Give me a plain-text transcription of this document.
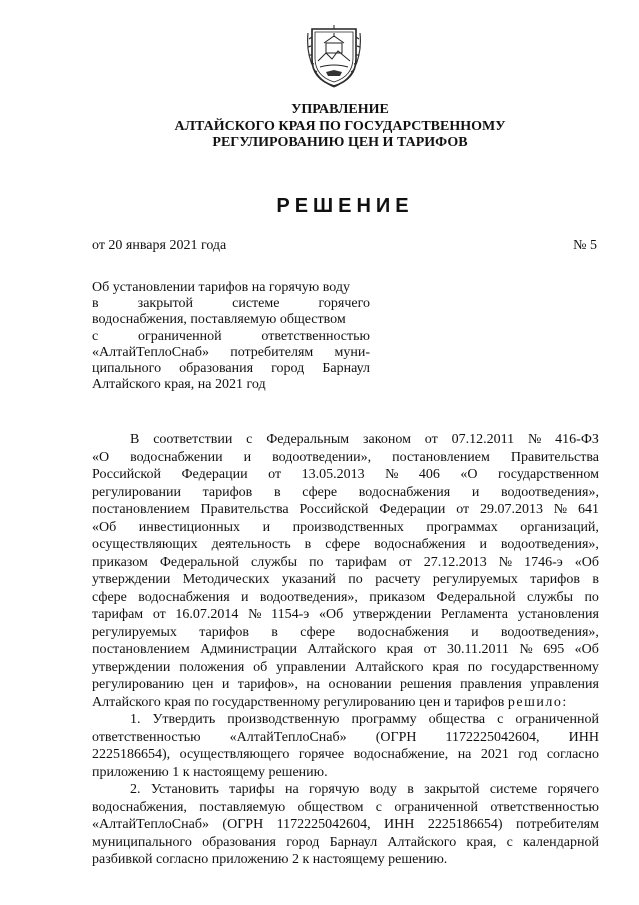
УПРАВЛЕНИЕ
АЛТАЙСКОГО КРАЯ ПО ГОСУДАРСТВЕННОМУ
РЕГУЛИРОВАНИЮ ЦЕН И ТАРИФОВ
РЕШЕНИЕ
от 20 января 2021 года	№ 5
Об установлении тарифов на горячую воду
в	закрытой	системе	горячего
водоснабжения, поставляемую обществом
с	ограниченной	ответственностью
«АлтайТеплоСнаб» потребителям муни-
ципального образования город Барнаул
Алтайского края, на 2021 год
В соответствии с Федеральным законом от 07.12.2011 № 416-ФЗ
«О водоснабжении и водоотведении», постановлением Правительства
Российской Федерации от 13.05.2013 № 406 «О государственном
регулировании тарифов в сфере водоснабжения и водоотведения»,
постановлением Правительства Российской Федерации от 29.07.2013 № 641
«Об инвестиционных и производственных программах организаций,
осуществляющих деятельность в сфере водоснабжения и водоотведения»,
приказом Федеральной службы по тарифам от 27.12.2013 № 1746-э «Об
утверждении Методических указаний по расчету регулируемых тарифов в
сфере водоснабжения и водоотведения», приказом Федеральной службы по
тарифам от 16.07.2014 № 1154-э «Об утверждении Регламента установления
регулируемых тарифов в сфере водоснабжения и водоотведения»,
постановлением Администрации Алтайского края от 30.11.2011 № 695 «Об
утверждении положения об управлении Алтайского края по государственному
регулированию цен и тарифов», на основании решения правления управления
Алтайского края по государственному регулированию цен и тарифов решило:
1. Утвердить производственную программу общества с ограниченной
ответственностью «АлтайТеплоСнаб» (ОГРН 1172225042604, ИНН
2225186654), осуществляющего горячее водоснабжение, на 2021 год согласно
приложению 1 к настоящему решению.
2. Установить тарифы на горячую воду в закрытой системе горячего
водоснабжения, поставляемую обществом с ограниченной ответственностью
«АлтайТеплоСнаб» (ОГРН 1172225042604, ИНН 2225186654) потребителям
муниципального образования город Барнаул Алтайского края, с календарной
разбивкой согласно приложению 2 к настоящему решению.
